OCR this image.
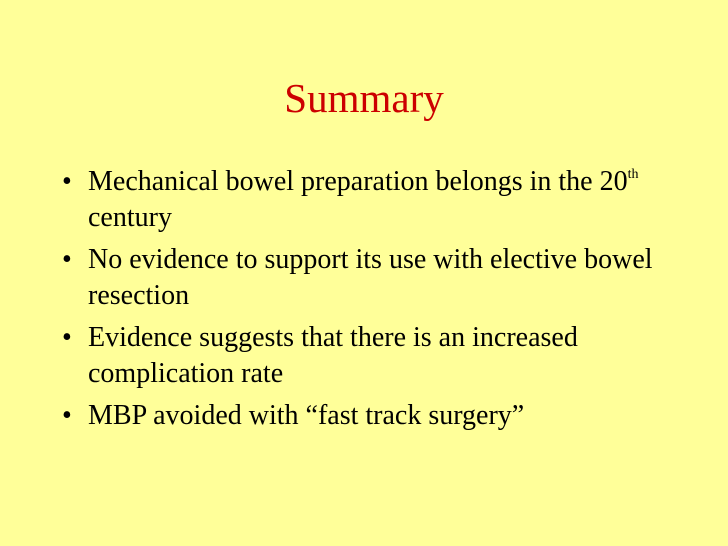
Summary
• Mechanical bowel preparation belongs in the 20th century
• No evidence to support its use with elective bowel resection
• Evidence suggests that there is an increased complication rate
• MBP avoided with “fast track surgery”
